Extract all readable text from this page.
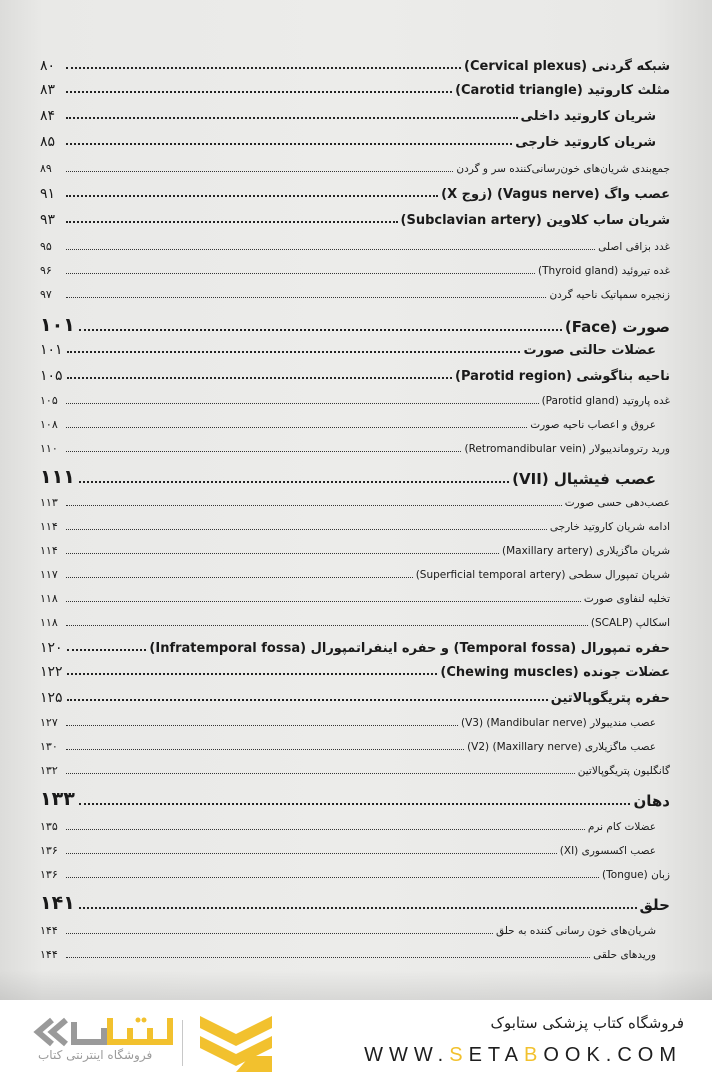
شبکه گردنی (Cervical plexus)
۸۰
مثلث کاروتید (Carotid triangle)
۸۳
شریان کاروتید داخلی
۸۴
شریان کاروتید خارجی
۸۵
جمع‌بندی شریان‌های خون‌رسانی‌کننده سر و گردن
۸۹
عصب واگ (Vagus nerve) (زوج X)
۹۱
شریان ساب کلاوین (Subclavian artery)
۹۳
غدد بزاقی اصلی
۹۵
غده تیروئید (Thyroid gland)
۹۶
زنجیره سمپاتیک ناحیه گردن
۹۷
صورت (Face)
۱۰۱
عضلات حالتی صورت
۱۰۱
ناحیه بناگوشی (Parotid region)
۱۰۵
غده پاروتید (Parotid gland)
۱۰۵
عروق و اعصاب ناحیه صورت
۱۰۸
ورید رتروماندیبولار (Retromandibular vein)
۱۱۰
عصب فیشیال (VII)
۱۱۱
عصب‌دهی حسی صورت
۱۱۳
ادامه شریان کاروتید خارجی
۱۱۴
شریان ماگزیلاری (Maxillary artery)
۱۱۴
شریان تمپورال سطحی (Superficial temporal artery)
۱۱۷
تخلیه لنفاوی صورت
۱۱۸
اسکالپ (SCALP)
۱۱۸
حفره تمپورال (Temporal fossa) و حفره اینفراتمپورال (Infratemporal fossa)
۱۲۰
عضلات جونده (Chewing muscles)
۱۲۲
حفره پتریگوپالاتین
۱۲۵
عصب مندیبولار (Mandibular nerve) (V3)
۱۲۷
عصب ماگزیلاری (Maxillary nerve) (V2)
۱۳۰
گانگلیون پتریگوپالاتین
۱۳۲
دهان
۱۳۳
عضلات کام نرم
۱۳۵
عصب اکسسوری (XI)
۱۳۶
زبان (Tongue)
۱۳۶
حلق
۱۴۱
شریان‌های خون رسانی کننده به حلق
۱۴۴
وریدهای حلقی
۱۴۴
فروشگاه اینترنتی کتاب
فروشگاه کتاب پزشکی ستابوک
WWW.SETABOOK.COM
